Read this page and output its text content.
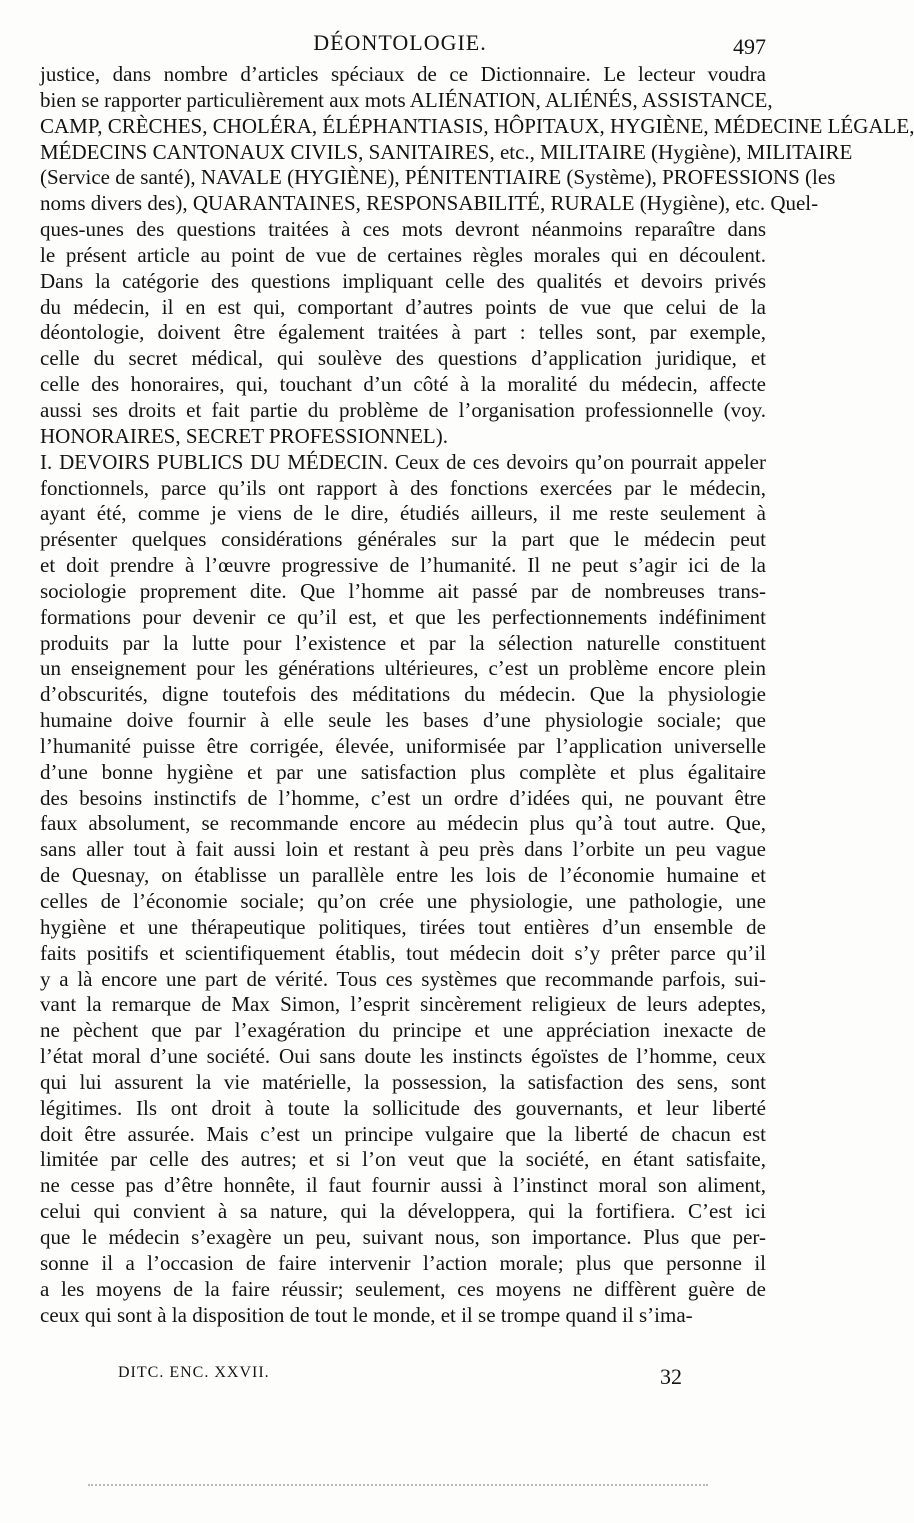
DÉONTOLOGIE.	497
justice, dans nombre d’articles spéciaux de ce Dictionnaire. Le lecteur voudra
bien se rapporter particulièrement aux mots ALIÉNATION, ALIÉNÉS, ASSISTANCE,
CAMP, CRÈCHES, CHOLÉRA, ÉLÉPHANTIASIS, HÔPITAUX, HYGIÈNE, MÉDECINE LÉGALE,
MÉDECINS CANTONAUX CIVILS, SANITAIRES, etc., MILITAIRE (Hygiène), MILITAIRE
(Service de santé), NAVALE (HYGIÈNE), PÉNITENTIAIRE (Système), PROFESSIONS (les
noms divers des), QUARANTAINES, RESPONSABILITÉ, RURALE (Hygiène), etc. Quel-
ques-unes des questions traitées à ces mots devront néanmoins reparaître dans
le présent article au point de vue de certaines règles morales qui en découlent.
Dans la catégorie des questions impliquant celle des qualités et devoirs privés
du médecin, il en est qui, comportant d’autres points de vue que celui de la
déontologie, doivent être également traitées à part : telles sont, par exemple,
celle du secret médical, qui soulève des questions d’application juridique, et
celle des honoraires, qui, touchant d’un côté à la moralité du médecin, affecte
aussi ses droits et fait partie du problème de l’organisation professionnelle (voy.
HONORAIRES, SECRET PROFESSIONNEL).
I. DEVOIRS PUBLICS DU MÉDECIN. Ceux de ces devoirs qu’on pourrait appeler
fonctionnels, parce qu’ils ont rapport à des fonctions exercées par le médecin,
ayant été, comme je viens de le dire, étudiés ailleurs, il me reste seulement à
présenter quelques considérations générales sur la part que le médecin peut
et doit prendre à l’œuvre progressive de l’humanité. Il ne peut s’agir ici de la
sociologie proprement dite. Que l’homme ait passé par de nombreuses trans-
formations pour devenir ce qu’il est, et que les perfectionnements indéfiniment
produits par la lutte pour l’existence et par la sélection naturelle constituent
un enseignement pour les générations ultérieures, c’est un problème encore plein
d’obscurités, digne toutefois des méditations du médecin. Que la physiologie
humaine doive fournir à elle seule les bases d’une physiologie sociale; que
l’humanité puisse être corrigée, élevée, uniformisée par l’application universelle
d’une bonne hygiène et par une satisfaction plus complète et plus égalitaire
des besoins instinctifs de l’homme, c’est un ordre d’idées qui, ne pouvant être
faux absolument, se recommande encore au médecin plus qu’à tout autre. Que,
sans aller tout à fait aussi loin et restant à peu près dans l’orbite un peu vague
de Quesnay, on établisse un parallèle entre les lois de l’économie humaine et
celles de l’économie sociale; qu’on crée une physiologie, une pathologie, une
hygiène et une thérapeutique politiques, tirées tout entières d’un ensemble de
faits positifs et scientifiquement établis, tout médecin doit s’y prêter parce qu’il
y a là encore une part de vérité. Tous ces systèmes que recommande parfois, sui-
vant la remarque de Max Simon, l’esprit sincèrement religieux de leurs adeptes,
ne pèchent que par l’exagération du principe et une appréciation inexacte de
l’état moral d’une société. Oui sans doute les instincts égoïstes de l’homme, ceux
qui lui assurent la vie matérielle, la possession, la satisfaction des sens, sont
légitimes. Ils ont droit à toute la sollicitude des gouvernants, et leur liberté
doit être assurée. Mais c’est un principe vulgaire que la liberté de chacun est
limitée par celle des autres; et si l’on veut que la société, en étant satisfaite,
ne cesse pas d’être honnête, il faut fournir aussi à l’instinct moral son aliment,
celui qui convient à sa nature, qui la développera, qui la fortifiera. C’est ici
que le médecin s’exagère un peu, suivant nous, son importance. Plus que per-
sonne il a l’occasion de faire intervenir l’action morale; plus que personne il
a les moyens de la faire réussir; seulement, ces moyens ne diffèrent guère de
ceux qui sont à la disposition de tout le monde, et il se trompe quand il s’ima-
DITC. ENC. XXVII.	32
